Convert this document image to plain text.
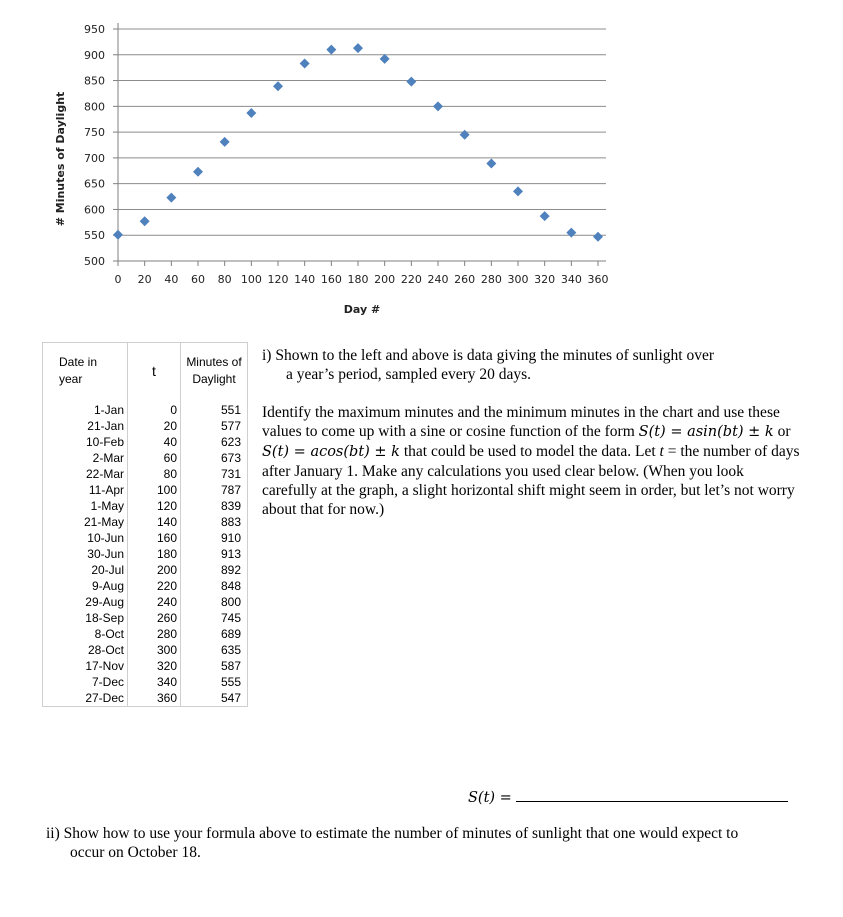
500
550
600
650
700
750
800
850
900
950
0 20 40 60 80 100 120 140 160 180 200 220 240 260 280 300 320 340 360
# Minutes of Daylight
Day #
Date in
year	t	Minutes of
Daylight

1-Jan	0	551
21-Jan	20	577
10-Feb	40	623
2-Mar	60	673
22-Mar	80	731
11-Apr	100	787
1-May	120	839
21-May	140	883
10-Jun	160	910
30-Jun	180	913
20-Jul	200	892
9-Aug	220	848
29-Aug	240	800
18-Sep	260	745
8-Oct	280	689
28-Oct	300	635
17-Nov	320	587
7-Dec	340	555
27-Dec	360	547

i) Shown to the left and above is data giving the minutes of sunlight over
a year’s period, sampled every 20 days.

Identify the maximum minutes and the minimum minutes in the chart and use these values to come up with a sine or cosine function of the form S(t) = asin(bt) ± k or S(t) = acos(bt) ± k that could be used to model the data. Let t = the number of days after January 1. Make any calculations you used clear below. (When you look carefully at the graph, a slight horizontal shift might seem in order, but let’s not worry about that for now.)

S(t) =

ii) Show how to use your formula above to estimate the number of minutes of sunlight that one would expect to
occur on October 18.
